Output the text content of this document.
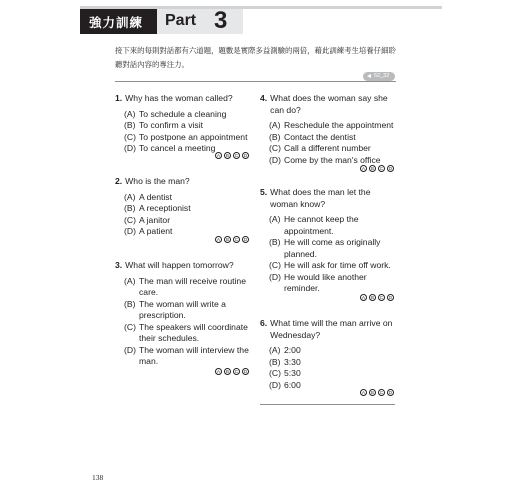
強力訓練 Part 3

接下來的每則對話都有六道題，題數是實際多益測驗的兩倍，藉此訓練考生培養仔細聆聽對話內容的專注力。

52_32
1. Why has the woman called?
(A) To schedule a cleaning
(B) To confirm a visit
(C) To postpone an appointment
(D) To cancel a meeting
A	B	C	D
2. Who is the man?
(A) A dentist
(B) A receptionist
(C) A janitor
(D) A patient
A	B	C	D
3. What will happen tomorrow?
(A) The man will receive routine care.
(B) The woman will write a prescription.
(C) The speakers will coordinate their schedules.
(D) The woman will interview the man.
A	B	C	D
4. What does the woman say she can do?
(A) Reschedule the appointment
(B) Contact the dentist
(C) Call a different number
(D) Come by the man's office
A	B	C	D
5. What does the man let the woman know?
(A) He cannot keep the appointment.
(B) He will come as originally planned.
(C) He will ask for time off work.
(D) He would like another reminder.
A	B	C	D
6. What time will the man arrive on Wednesday?
(A) 2:00
(B) 3:30
(C) 5:30
(D) 6:00
A	B	C	D
138
